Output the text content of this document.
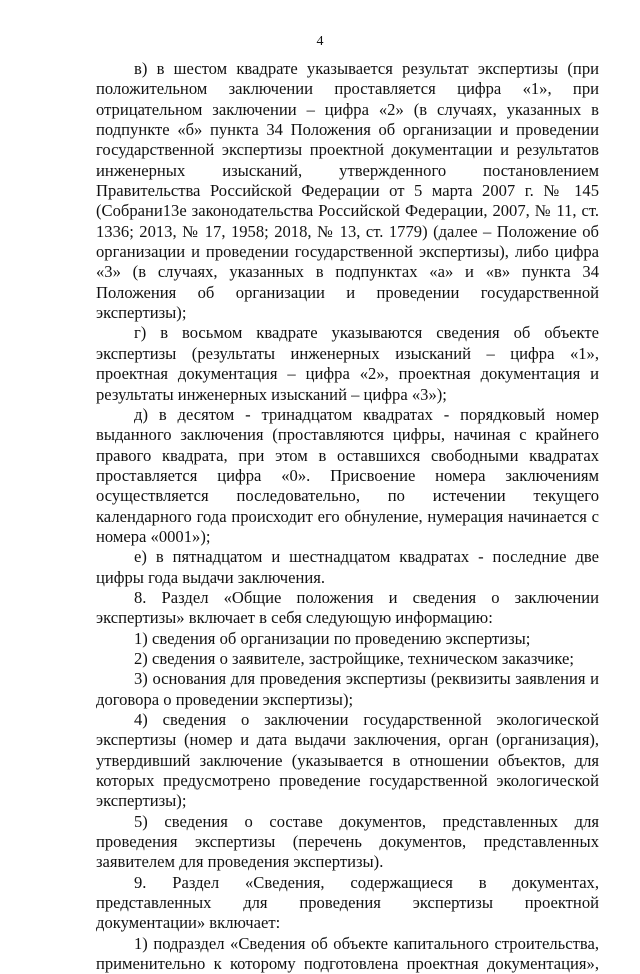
4

в) в шестом квадрате указывается результат экспертизы (при положительном заключении проставляется цифра «1», при отрицательном заключении – цифра «2» (в случаях, указанных в подпункте «б» пункта 34 Положения об организации и проведении государственной экспертизы проектной документации и результатов инженерных изысканий, утвержденного постановлением Правительства Российской Федерации от 5 марта 2007 г. № 145 (Собрани13е законодательства Российской Федерации, 2007, № 11, ст. 1336; 2013, № 17, 1958; 2018, № 13, ст. 1779) (далее – Положение об организации и проведении государственной экспертизы), либо цифра «3» (в случаях, указанных в подпунктах «а» и «в» пункта 34 Положения об организации и проведении государственной экспертизы);

г) в восьмом квадрате указываются сведения об объекте экспертизы (результаты инженерных изысканий – цифра «1», проектная документация – цифра «2», проектная документация и результаты инженерных изысканий – цифра «3»);

д) в десятом - тринадцатом квадратах - порядковый номер выданного заключения (проставляются цифры, начиная с крайнего правого квадрата, при этом в оставшихся свободными квадратах проставляется цифра «0». Присвоение номера заключениям осуществляется последовательно, по истечении текущего календарного года происходит его обнуление, нумерация начинается с номера «0001»);

е) в пятнадцатом и шестнадцатом квадратах - последние две цифры года выдачи заключения.

8. Раздел «Общие положения и сведения о заключении экспертизы» включает в себя следующую информацию:

1) сведения об организации по проведению экспертизы;

2) сведения о заявителе, застройщике, техническом заказчике;

3) основания для проведения экспертизы (реквизиты заявления и договора о проведении экспертизы);

4) сведения о заключении государственной экологической экспертизы (номер и дата выдачи заключения, орган (организация), утвердивший заключение (указывается в отношении объектов, для которых предусмотрено проведение государственной экологической экспертизы);

5) сведения о составе документов, представленных для проведения экспертизы (перечень документов, представленных заявителем для проведения экспертизы).

9. Раздел «Сведения, содержащиеся в документах, представленных для проведения экспертизы проектной документации» включает:

1) подраздел «Сведения об объекте капитального строительства, применительно к которому подготовлена проектная документация»,
